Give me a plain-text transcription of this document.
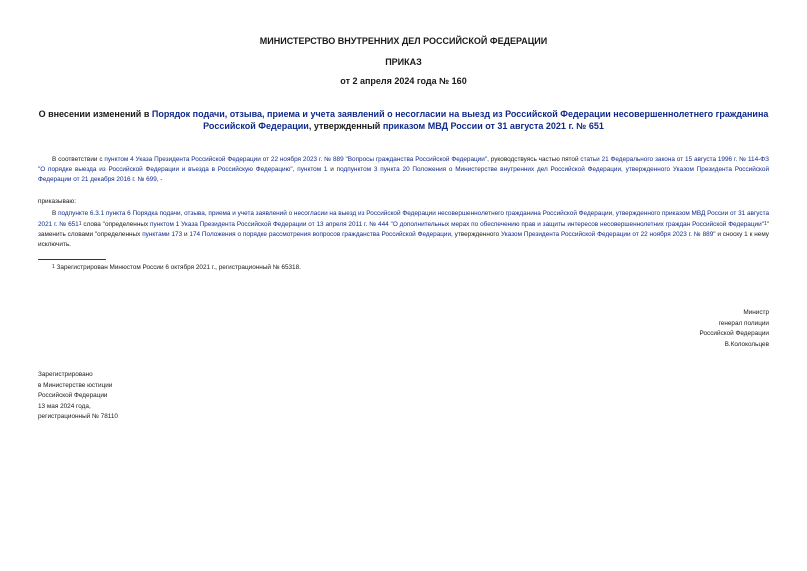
МИНИСТЕРСТВО ВНУТРЕННИХ ДЕЛ РОССИЙСКОЙ ФЕДЕРАЦИИ
ПРИКАЗ
от 2 апреля 2024 года № 160
О внесении изменений в Порядок подачи, отзыва, приема и учета заявлений о несогласии на выезд из Российской Федерации несовершеннолетнего гражданина Российской Федерации, утвержденный приказом МВД России от 31 августа 2021 г. № 651

В соответствии с пунктом 4 Указа Президента Российской Федерации от 22 ноября 2023 г. № 889 "Вопросы гражданства Российской Федерации", руководствуясь частью пятой статьи 21 Федерального закона от 15 августа 1996 г. № 114-ФЗ "О порядке выезда из Российской Федерации и въезда в Российскую Федерацию", пунктом 1 и подпунктом 3 пункта 20 Положения о Министерстве внутренних дел Российской Федерации, утвержденного Указом Президента Российской Федерации от 21 декабря 2016 г. № 699, -

приказываю:

В подпункте 6.3.1 пункта 6 Порядка подачи, отзыва, приема и учета заявлений о несогласии на выезд из Российской Федерации несовершеннолетнего гражданина Российской Федерации, утвержденного приказом МВД России от 31 августа 2021 г. № $651^1$ слова "определенных пунктом 1 Указа Президента Российской Федерации от 13 апреля 2011 г. № 444 "О дополнительных мерах по обеспечению прав и защиты интересов несовершеннолетних граждан Российской Федерации"$^1$" заменить словами "определенных пунктами 173 и 174 Положения о порядке рассмотрения вопросов гражданства Российской Федерации, утвержденного Указом Президента Российской Федерации от 22 ноября 2023 г. № 889" и сноску 1 к нему исключить.

$^1$ Зарегистрирован Минюстом России 6 октября 2021 г., регистрационный № 65318.
Министр
генерал полиции
Российской Федерации
В.Колокольцев
Зарегистрировано
в Министерстве юстиции
Российской Федерации
13 мая 2024 года,
регистрационный № 78110
